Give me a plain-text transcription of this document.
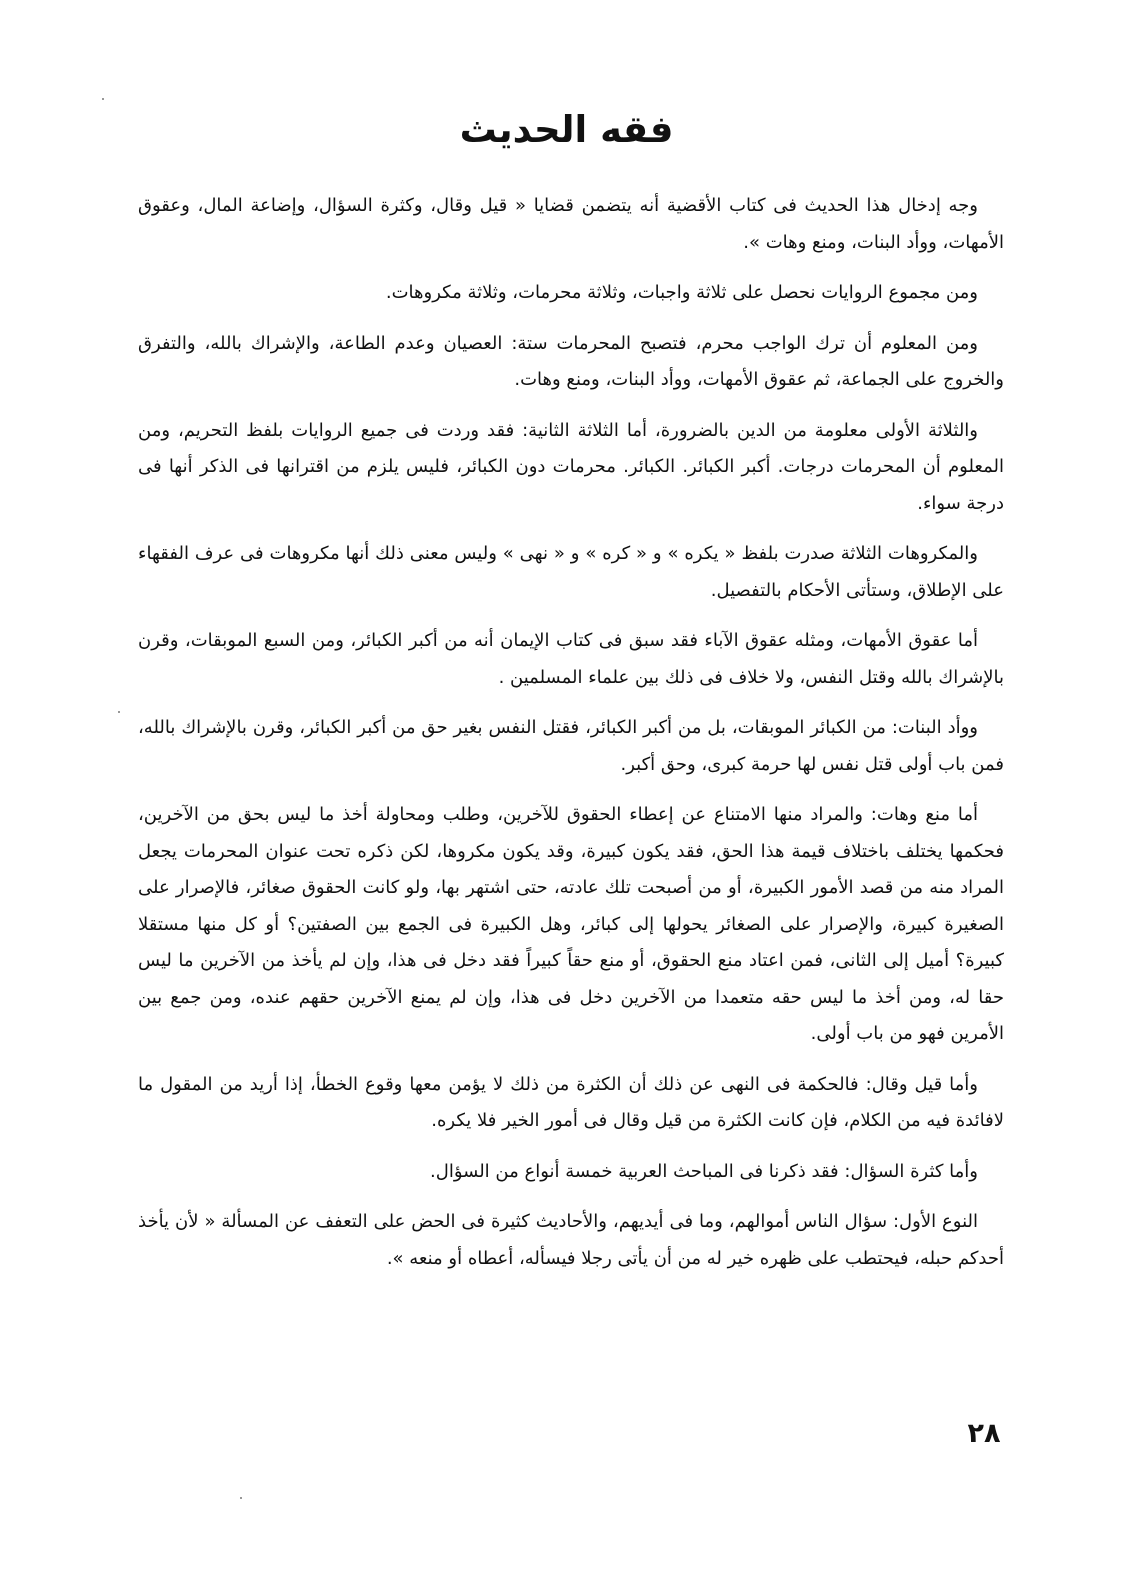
فقه الحديث

وجه إدخال هذا الحديث فى كتاب الأقضية أنه يتضمن قضايا « قيل وقال، وكثرة السؤال، وإضاعة المال، وعقوق الأمهات، ووأد البنات، ومنع وهات ».

ومن مجموع الروايات نحصل على ثلاثة واجبات، وثلاثة محرمات، وثلاثة مكروهات.

ومن المعلوم أن ترك الواجب محرم، فتصبح المحرمات ستة: العصيان وعدم الطاعة، والإشراك بالله، والتفرق والخروج على الجماعة، ثم عقوق الأمهات، ووأد البنات، ومنع وهات.

والثلاثة الأولى معلومة من الدين بالضرورة، أما الثلاثة الثانية: فقد وردت فى جميع الروايات بلفظ التحريم، ومن المعلوم أن المحرمات درجات. أكبر الكبائر. الكبائر. محرمات دون الكبائر، فليس يلزم من اقترانها فى الذكر أنها فى درجة سواء.

والمكروهات الثلاثة صدرت بلفظ « يكره » و « كره » و « نهى » وليس معنى ذلك أنها مكروهات فى عرف الفقهاء على الإطلاق، وستأتى الأحكام بالتفصيل.

أما عقوق الأمهات، ومثله عقوق الآباء فقد سبق فى كتاب الإيمان أنه من أكبر الكبائر، ومن السبع الموبقات، وقرن بالإشراك بالله وقتل النفس، ولا خلاف فى ذلك بين علماء المسلمين .

ووأد البنات: من الكبائر الموبقات، بل من أكبر الكبائر، فقتل النفس بغير حق من أكبر الكبائر، وقرن بالإشراك بالله، فمن باب أولى قتل نفس لها حرمة كبرى، وحق أكبر.

أما منع وهات: والمراد منها الامتناع عن إعطاء الحقوق للآخرين، وطلب ومحاولة أخذ ما ليس بحق من الآخرين، فحكمها يختلف باختلاف قيمة هذا الحق، فقد يكون كبيرة، وقد يكون مكروها، لكن ذكره تحت عنوان المحرمات يجعل المراد منه من قصد الأمور الكبيرة، أو من أصبحت تلك عادته، حتى اشتهر بها، ولو كانت الحقوق صغائر، فالإصرار على الصغيرة كبيرة، والإصرار على الصغائر يحولها إلى كبائر، وهل الكبيرة فى الجمع بين الصفتين؟ أو كل منها مستقلا كبيرة؟ أميل إلى الثانى، فمن اعتاد منع الحقوق، أو منع حقاً كبيراً فقد دخل فى هذا، وإن لم يأخذ من الآخرين ما ليس حقا له، ومن أخذ ما ليس حقه متعمدا من الآخرين دخل فى هذا، وإن لم يمنع الآخرين حقهم عنده، ومن جمع بين الأمرين فهو من باب أولى.

وأما قيل وقال: فالحكمة فى النهى عن ذلك أن الكثرة من ذلك لا يؤمن معها وقوع الخطأ، إذا أريد من المقول ما لافائدة فيه من الكلام، فإن كانت الكثرة من قيل وقال فى أمور الخير فلا يكره.

وأما كثرة السؤال: فقد ذكرنا فى المباحث العربية خمسة أنواع من السؤال.

النوع الأول: سؤال الناس أموالهم، وما فى أيديهم، والأحاديث كثيرة فى الحض على التعفف عن المسألة « لأن يأخذ أحدكم حبله، فيحتطب على ظهره خير له من أن يأتى رجلا فيسأله، أعطاه أو منعه ».

٢٨
